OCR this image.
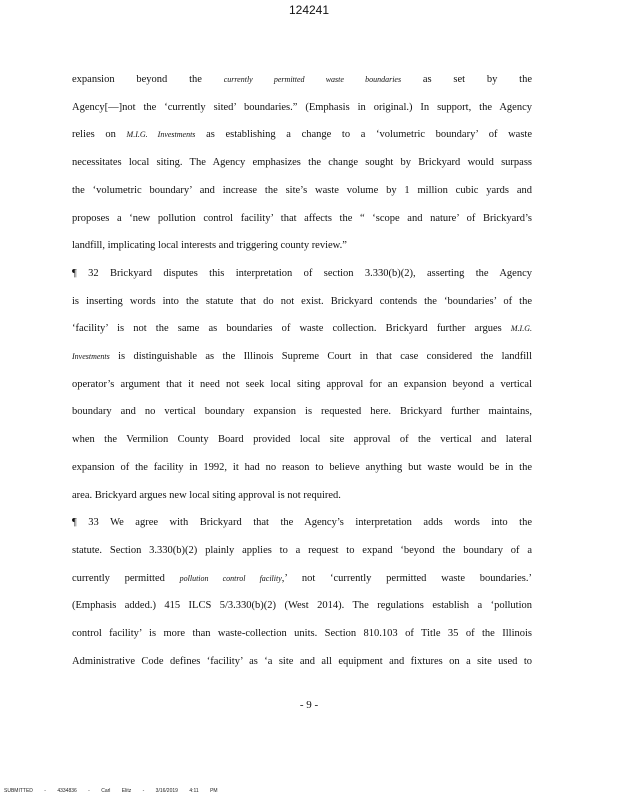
124241
expansion beyond the currently permitted waste boundaries as set by the
Agency[—]not the ‘currently sited’ boundaries.” (Emphasis in original.) In support, the Agency
relies on M.I.G. Investments as establishing a change to a ‘volumetric boundary’ of waste
necessitates local siting. The Agency emphasizes the change sought by Brickyard would surpass
the ‘volumetric boundary’ and increase the site’s waste volume by 1 million cubic yards and
proposes a ‘new pollution control facility’ that affects the “ ‘scope and nature’ of Brickyard’s
landfill, implicating local interests and triggering county review.”
¶ 32 Brickyard disputes this interpretation of section 3.330(b)(2), asserting the Agency
is inserting words into the statute that do not exist. Brickyard contends the ‘boundaries’ of the
‘facility’ is not the same as boundaries of waste collection. Brickyard further argues M.I.G.
Investments is distinguishable as the Illinois Supreme Court in that case considered the landfill
operator’s argument that it need not seek local siting approval for an expansion beyond a vertical
boundary and no vertical boundary expansion is requested here. Brickyard further maintains,
when the Vermilion County Board provided local site approval of the vertical and lateral
expansion of the facility in 1992, it had no reason to believe anything but waste would be in the
area. Brickyard argues new local siting approval is not required.
¶ 33 We agree with Brickyard that the Agency’s interpretation adds words into the
statute. Section 3.330(b)(2) plainly applies to a request to expand ‘beyond the boundary of a
currently permitted pollution control facility,’ not ‘currently permitted waste boundaries.’
(Emphasis added.) 415 ILCS 5/3.330(b)(2) (West 2014). The regulations establish a ‘pollution
control facility’ is more than waste-collection units. Section 810.103 of Title 35 of the Illinois
Administrative Code defines ‘facility’ as ‘a site and all equipment and fixtures on a site used to
- 9 -
SUBMITTED - 4334836 - Carl Elitz - 3/16/2019 4:11 PM
